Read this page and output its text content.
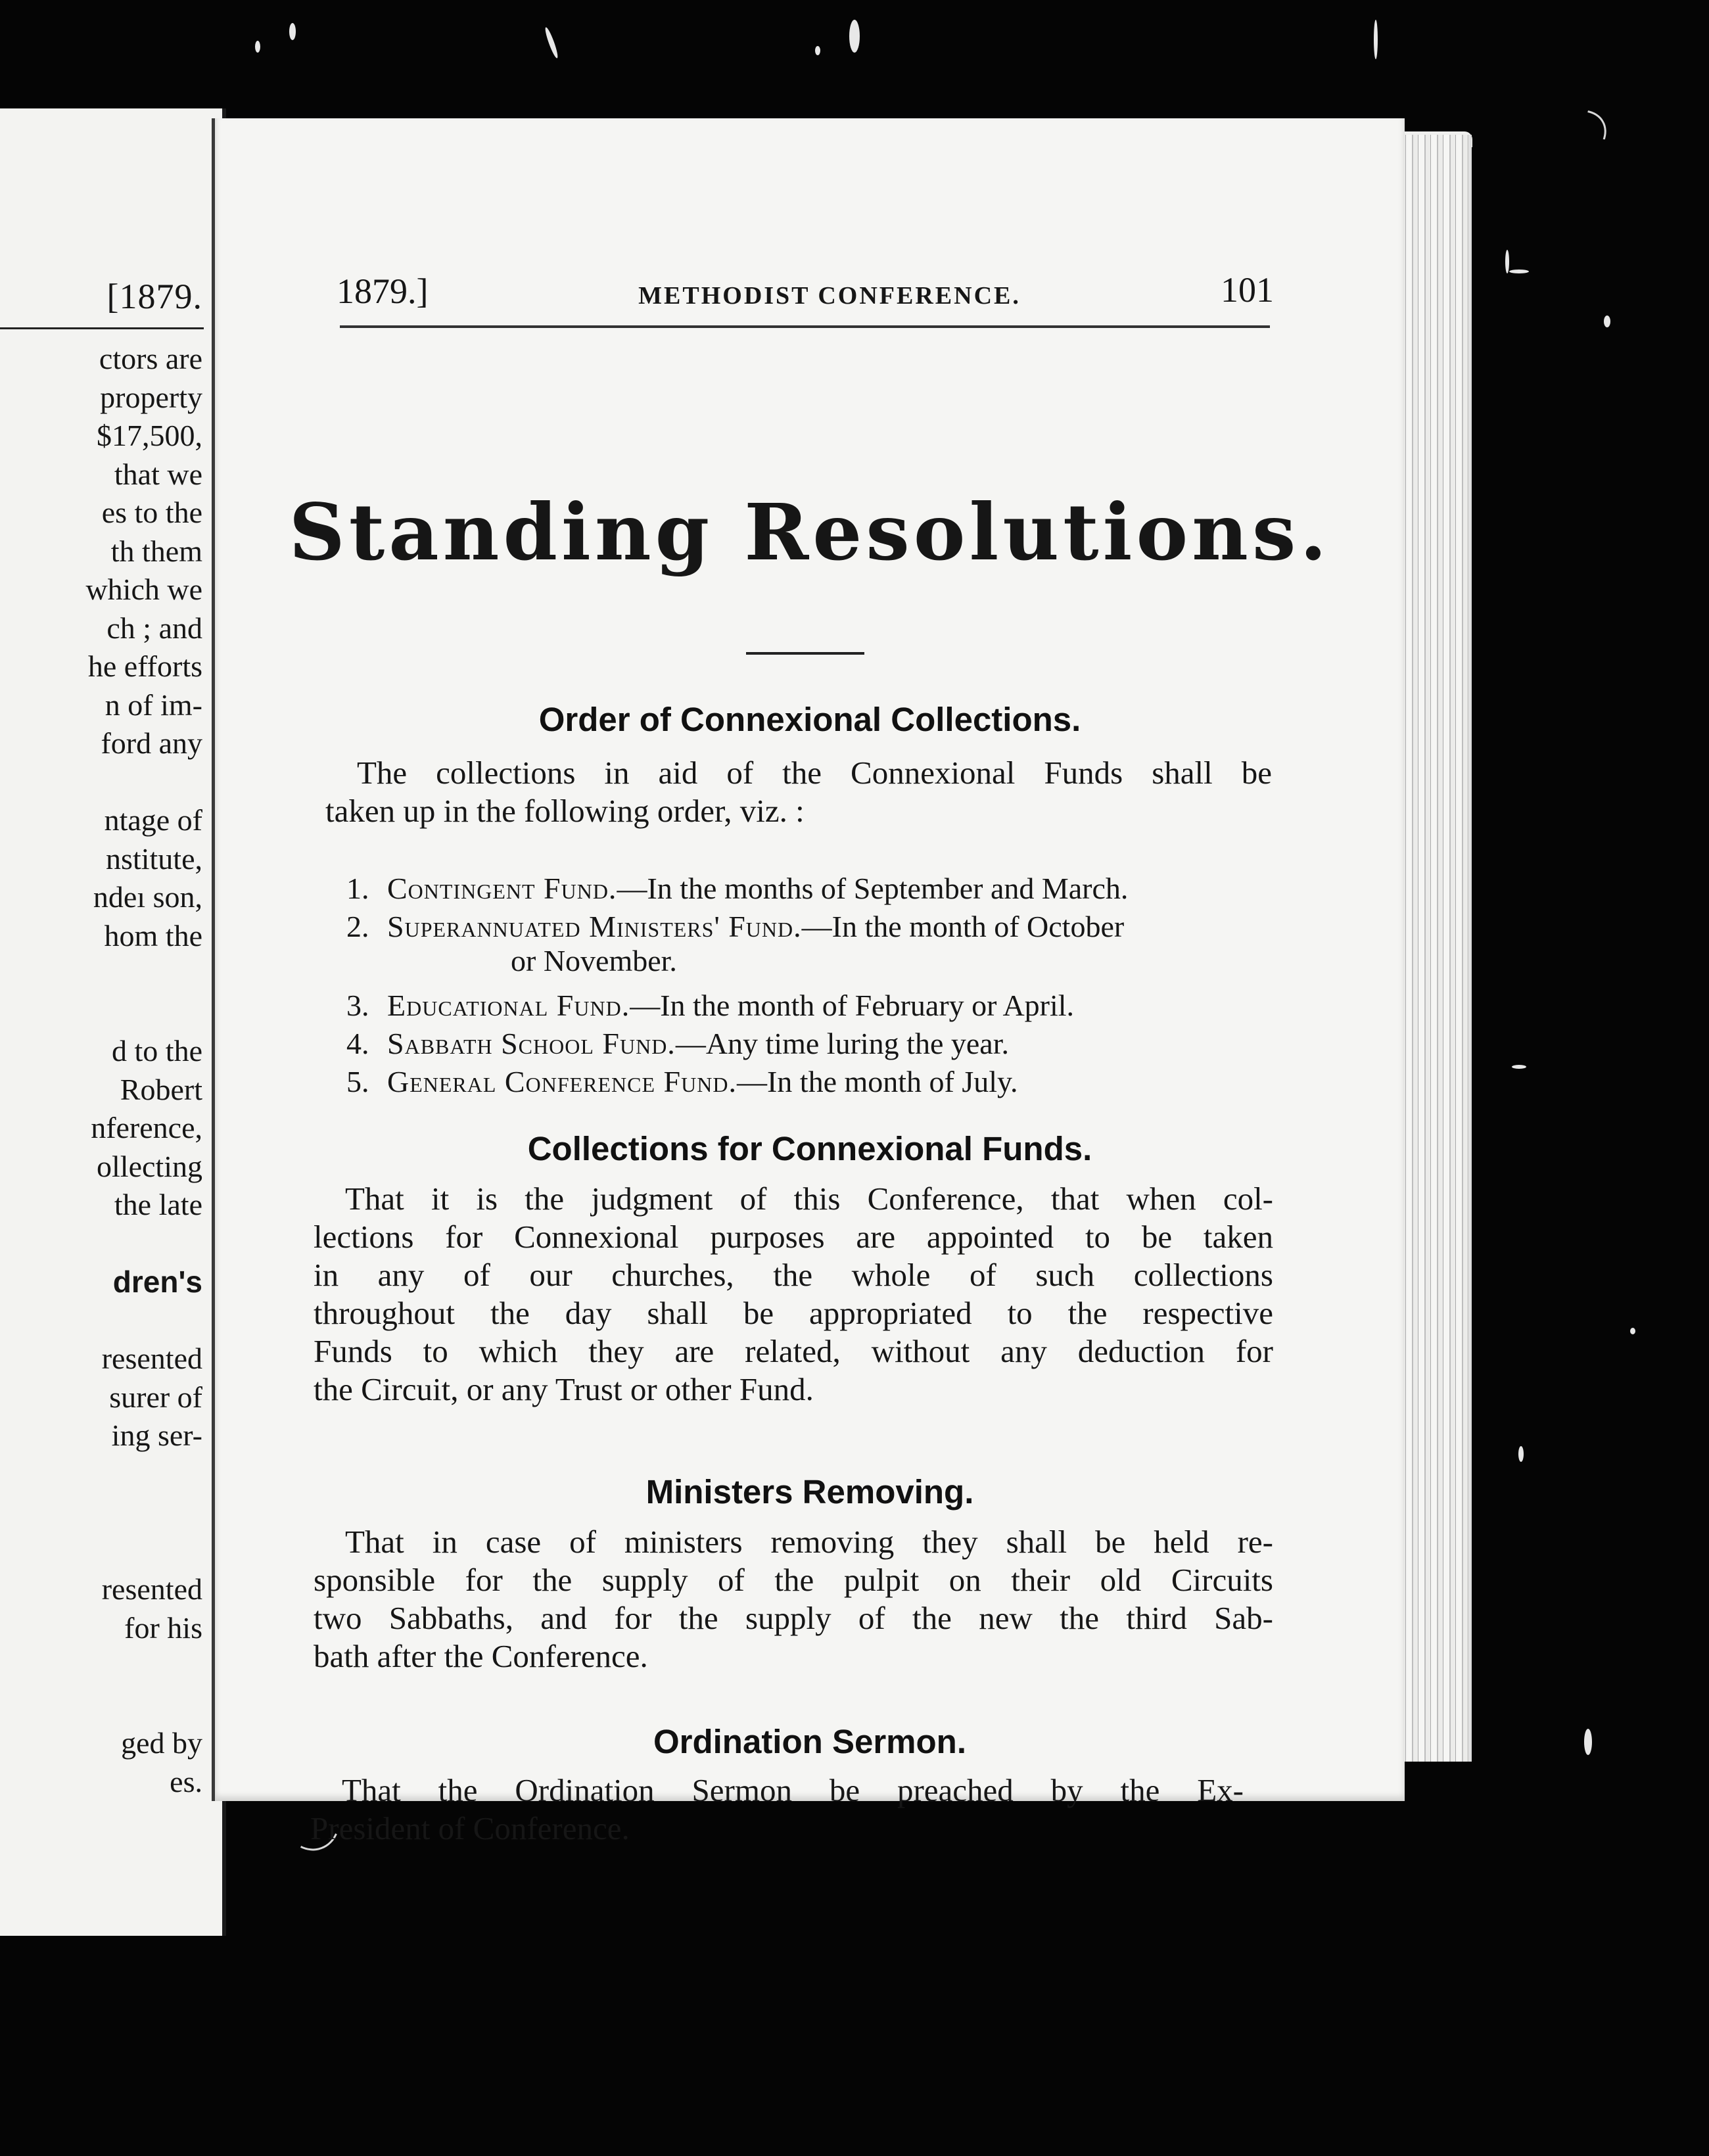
[1879.
ctors are
property
$17,500,
that we
es to the
th them
which we
ch ; and
he efforts
n of im-
ford any
ntage of
nstitute,
ndeı son,
hom the
d to the
Robert
nference,
ollecting
the late
dren's
resented
surer of
ing ser-
resented
for his
ged by
es.
1879.]	METHODIST CONFERENCE.	101
Standing Resolutions.
Order of Connexional Collections.
The collections in aid of the Connexional Funds shall be
taken up in the following order, viz. :
1. Contingent Fund.—In the months of September and March.
2. Superannuated Ministers' Fund.—In the month of October
or November.
3. Educational Fund.—In the month of February or April.
4. Sabbath School Fund.—Any time luring the year.
5. General Conference Fund.—In the month of July.
Collections for Connexional Funds.
That it is the judgment of this Conference, that when col-
lections for Connexional purposes are appointed to be taken
in any of our churches, the whole of such collections
throughout the day shall be appropriated to the respective
Funds to which they are related, without any deduction for
the Circuit, or any Trust or other Fund.
Ministers Removing.
That in case of ministers removing they shall be held re-
sponsible for the supply of the pulpit on their old Circuits
two Sabbaths, and for the supply of the new the third Sab-
bath after the Conference.
Ordination Sermon.
That the Ordination Sermon be preached by the Ex-
President of Conference.
